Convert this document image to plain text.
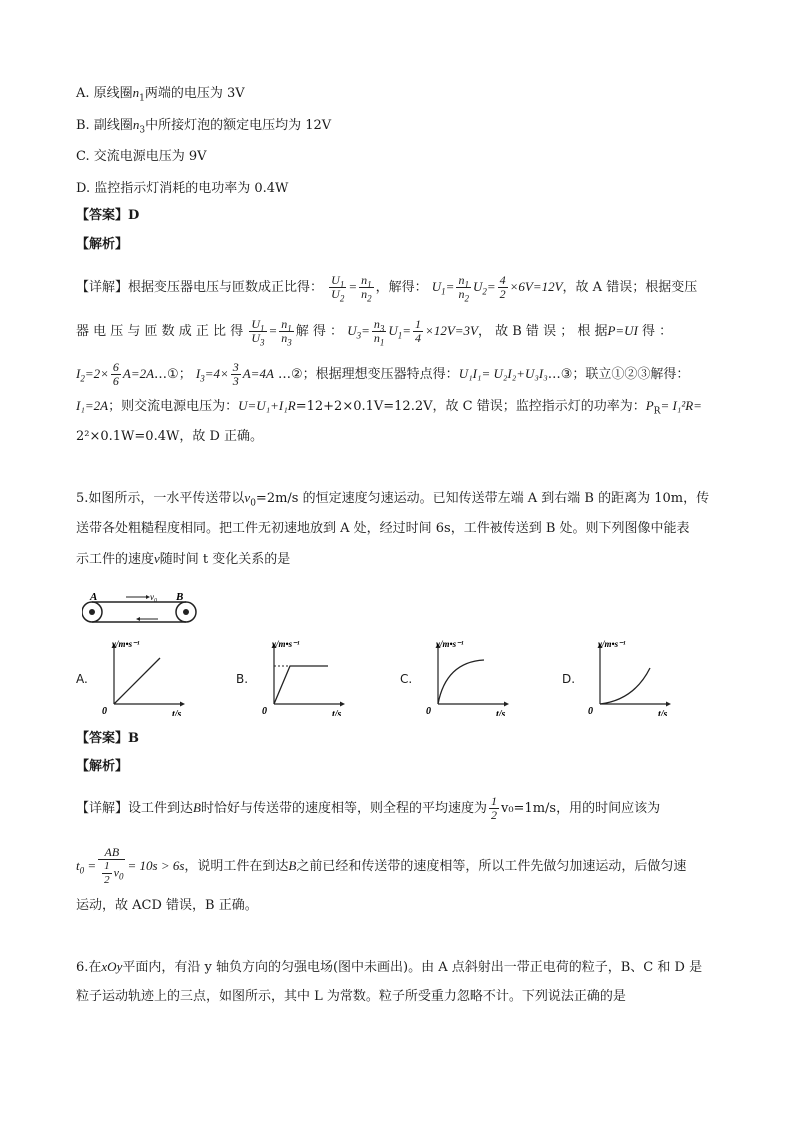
A. 原线圈$n_1$两端的电压为 3V
B. 副线圈$n_3$中所接灯泡的额定电压均为 12V
C. 交流电源电压为 9V
D. 监控指示灯消耗的电功率为 0.4W
【答案】D
【解析】
【详解】根据变压器电压与匝数成正比得： $\frac{U_1}{U_2} = \frac{n_1}{n_2}$ ，解得： $U_1= \frac{n_1}{n_2} U_2= \frac{4}{2} \times 6V=12V$，故 A 错误；根据变压
器 电 压 与 匝 数 成 正 比 得 $\frac{U_1}{U_3} = \frac{n_1}{n_3}$ 解 得 ： $U_3= \frac{n_3}{n_1} U_1= \frac{1}{4} \times 12V=3V$， 故 B 错 误 ； 根 据P=UI 得 ：
$I_2=2\times \frac{6}{6}$ A=2A…①； $I_3=4\times \frac{3}{3} A=4A$ …②；根据理想变压器特点得：U₁I₁= U₂I₂+U₃I₃…③；联立①②③解得：
I₁=2A；则交流电源电压为：U=U₁+I₁R=12+2×0.1V=12.2V，故 C 错误；监控指示灯的功率为：$P_R= I_1^2R=$
2²×0.1W=0.4W，故 D 正确。
5.如图所示，一水平传送带以$v_0=2m/s$ 的恒定速度匀速运动。已知传送带左端 A 到右端 B 的距离为 10m，传
送带各处粗糙程度相同。把工件无初速地放到 A 处，经过时间 6s，工件被传送到 B 处。则下列图像中能表
示工件的速度v随时间 t 变化关系的是
A	B
v₀
A.
v/m•s⁻¹
t/s
0
B.
v/m•s⁻¹
t/s
0
C.
v/m•s⁻¹
t/s
0
D.
v/m•s⁻¹
t/s
0
【答案】B
【解析】
【详解】设工件到达B时恰好与传送带的速度相等，则全程的平均速度为 $\frac{1}{2} v_0=1m/s$，用的时间应该为
$t_0 = \frac{AB}{\frac{1}{2} v_0} = 10s > 6s$，说明工件在到达B之前已经和传送带的速度相等，所以工件先做匀加速运动，后做匀速
运动，故 ACD 错误，B 正确。
6.在xOy平面内，有沿 y 轴负方向的匀强电场(图中未画出)。由 A 点斜射出一带正电荷的粒子，B、C 和 D 是
粒子运动轨迹上的三点，如图所示，其中 L 为常数。粒子所受重力忽略不计。下列说法正确的是
